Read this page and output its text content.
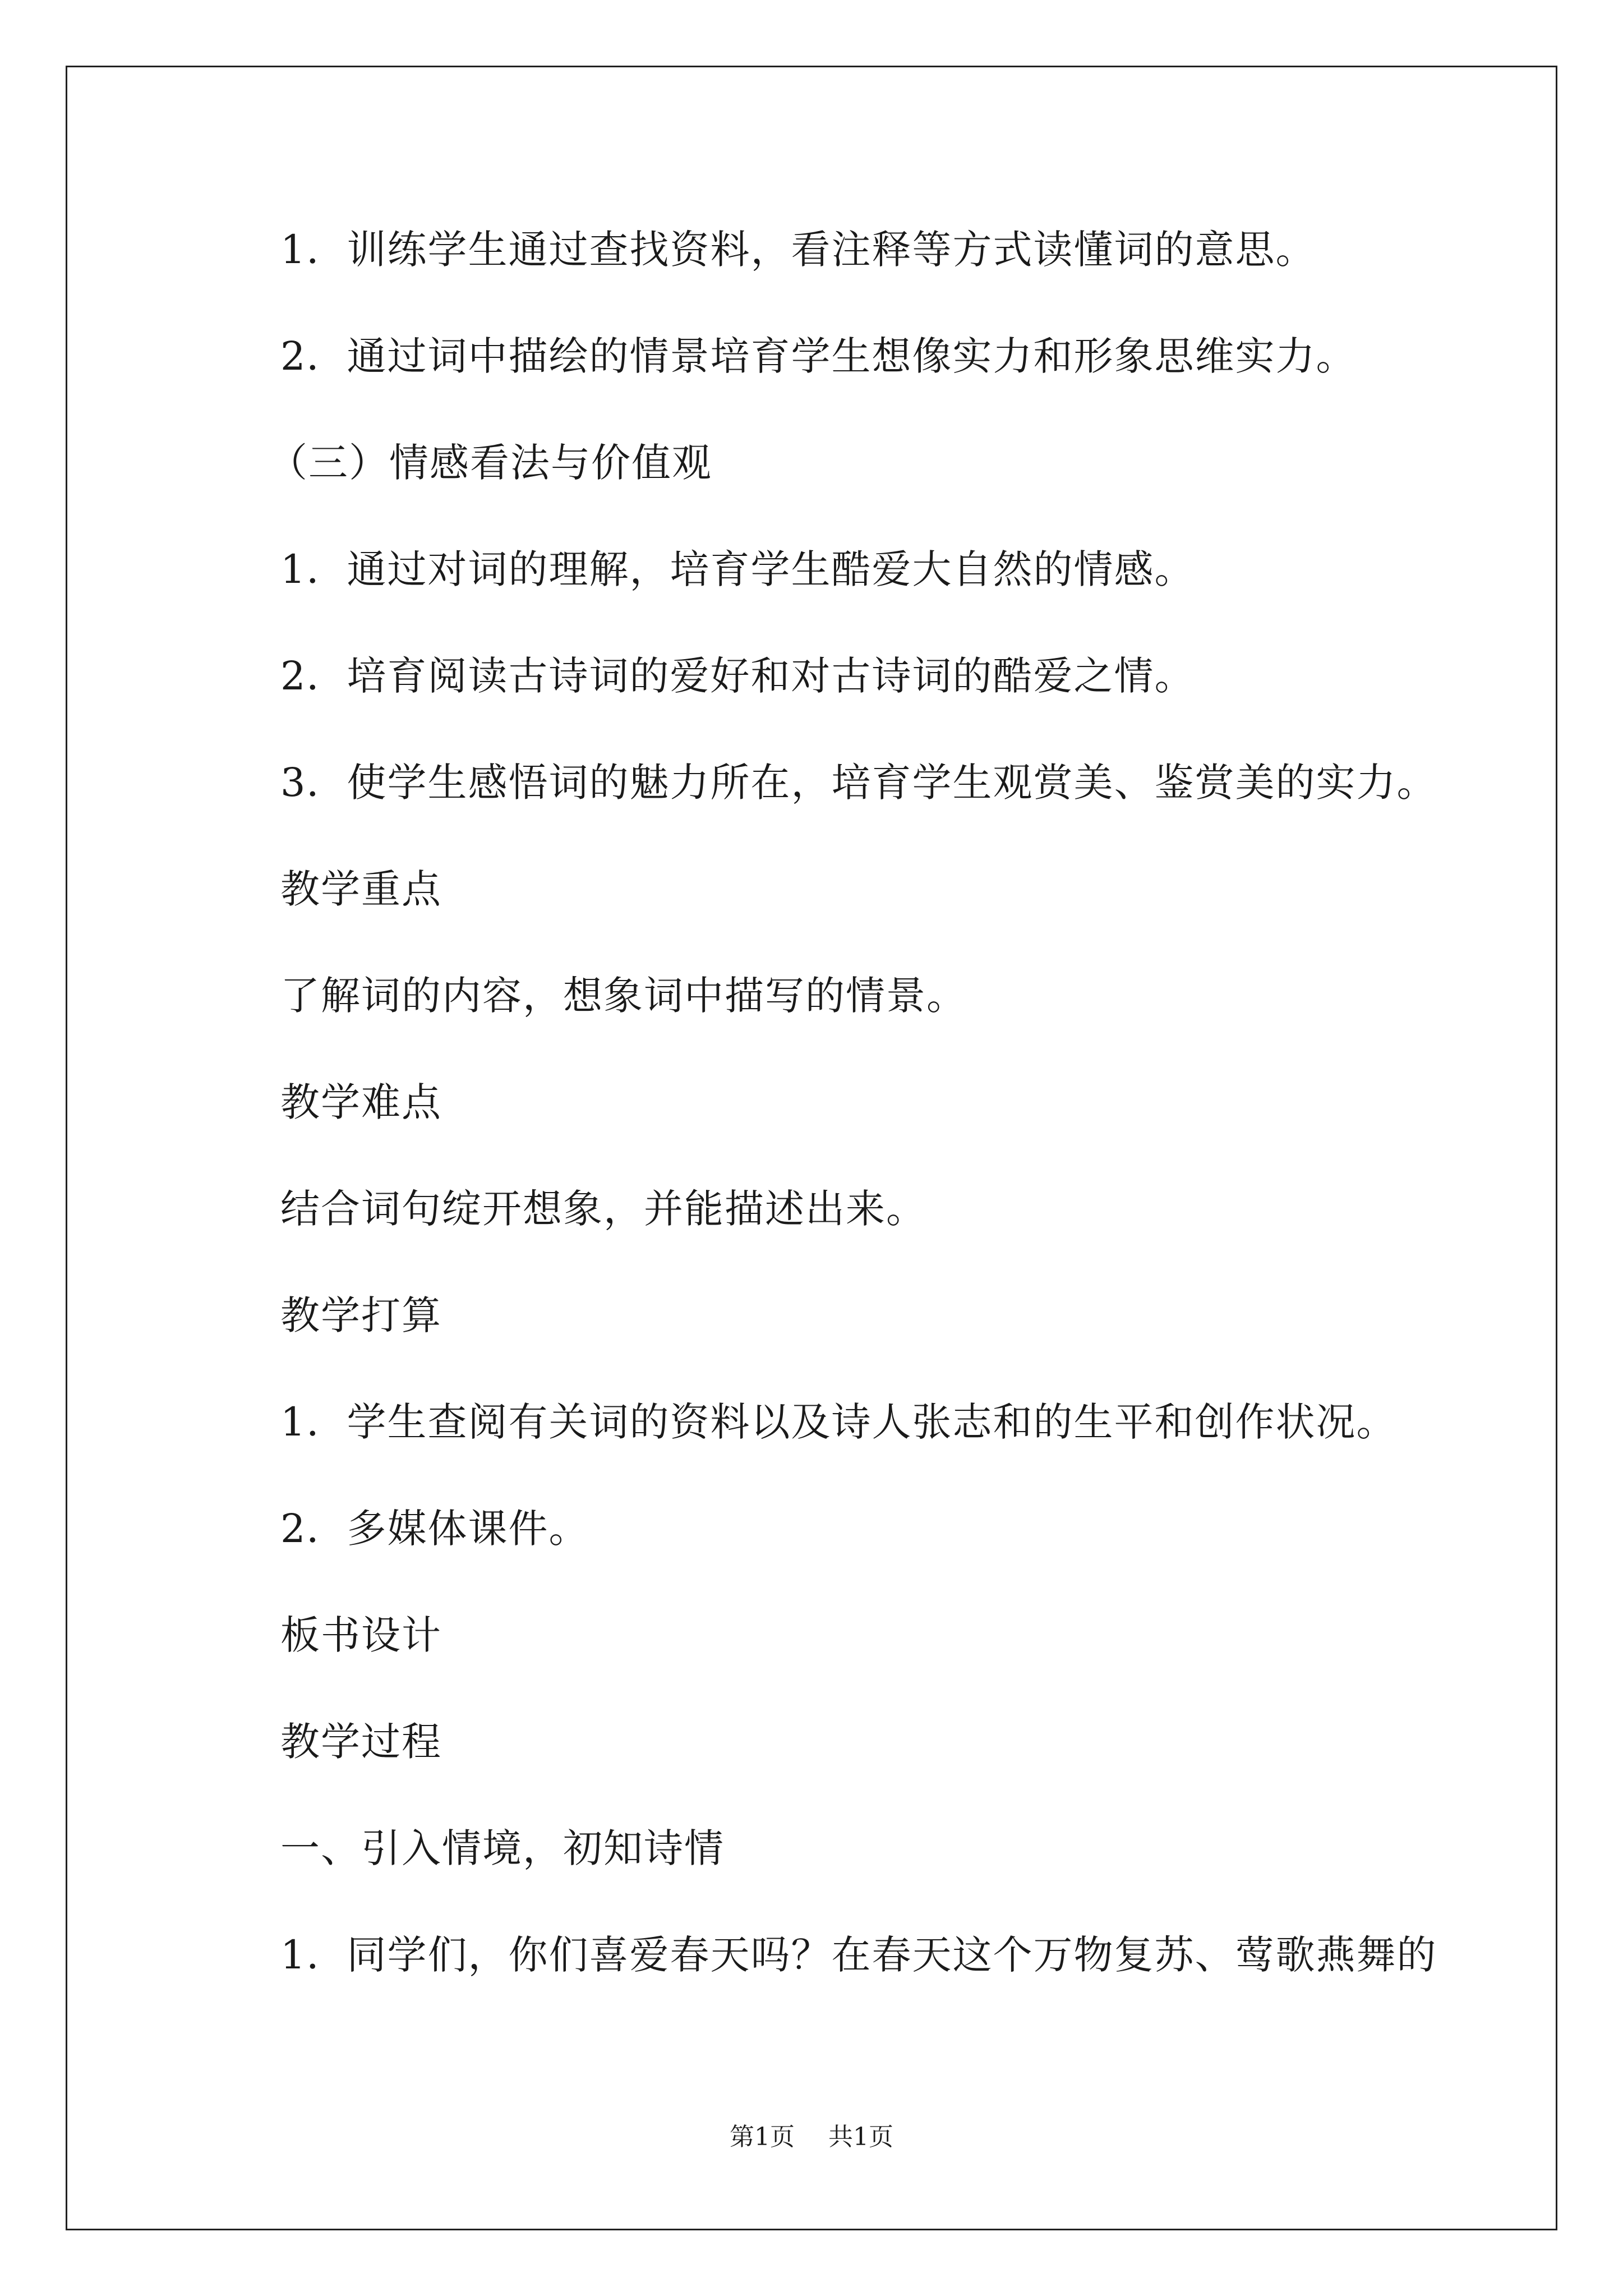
1．训练学生通过查找资料，看注释等方式读懂词的意思。
2．通过词中描绘的情景培育学生想像实力和形象思维实力。
（三）情感看法与价值观
1．通过对词的理解，培育学生酷爱大自然的情感。
2．培育阅读古诗词的爱好和对古诗词的酷爱之情。
3．使学生感悟词的魅力所在，培育学生观赏美、鉴赏美的实力。
教学重点
了解词的内容，想象词中描写的情景。
教学难点
结合词句绽开想象，并能描述出来。
教学打算
1．学生查阅有关词的资料以及诗人张志和的生平和创作状况。
2．多媒体课件。
板书设计
教学过程
一、引入情境，初知诗情
1．同学们，你们喜爱春天吗？在春天这个万物复苏、莺歌燕舞的
第1页 共1页
